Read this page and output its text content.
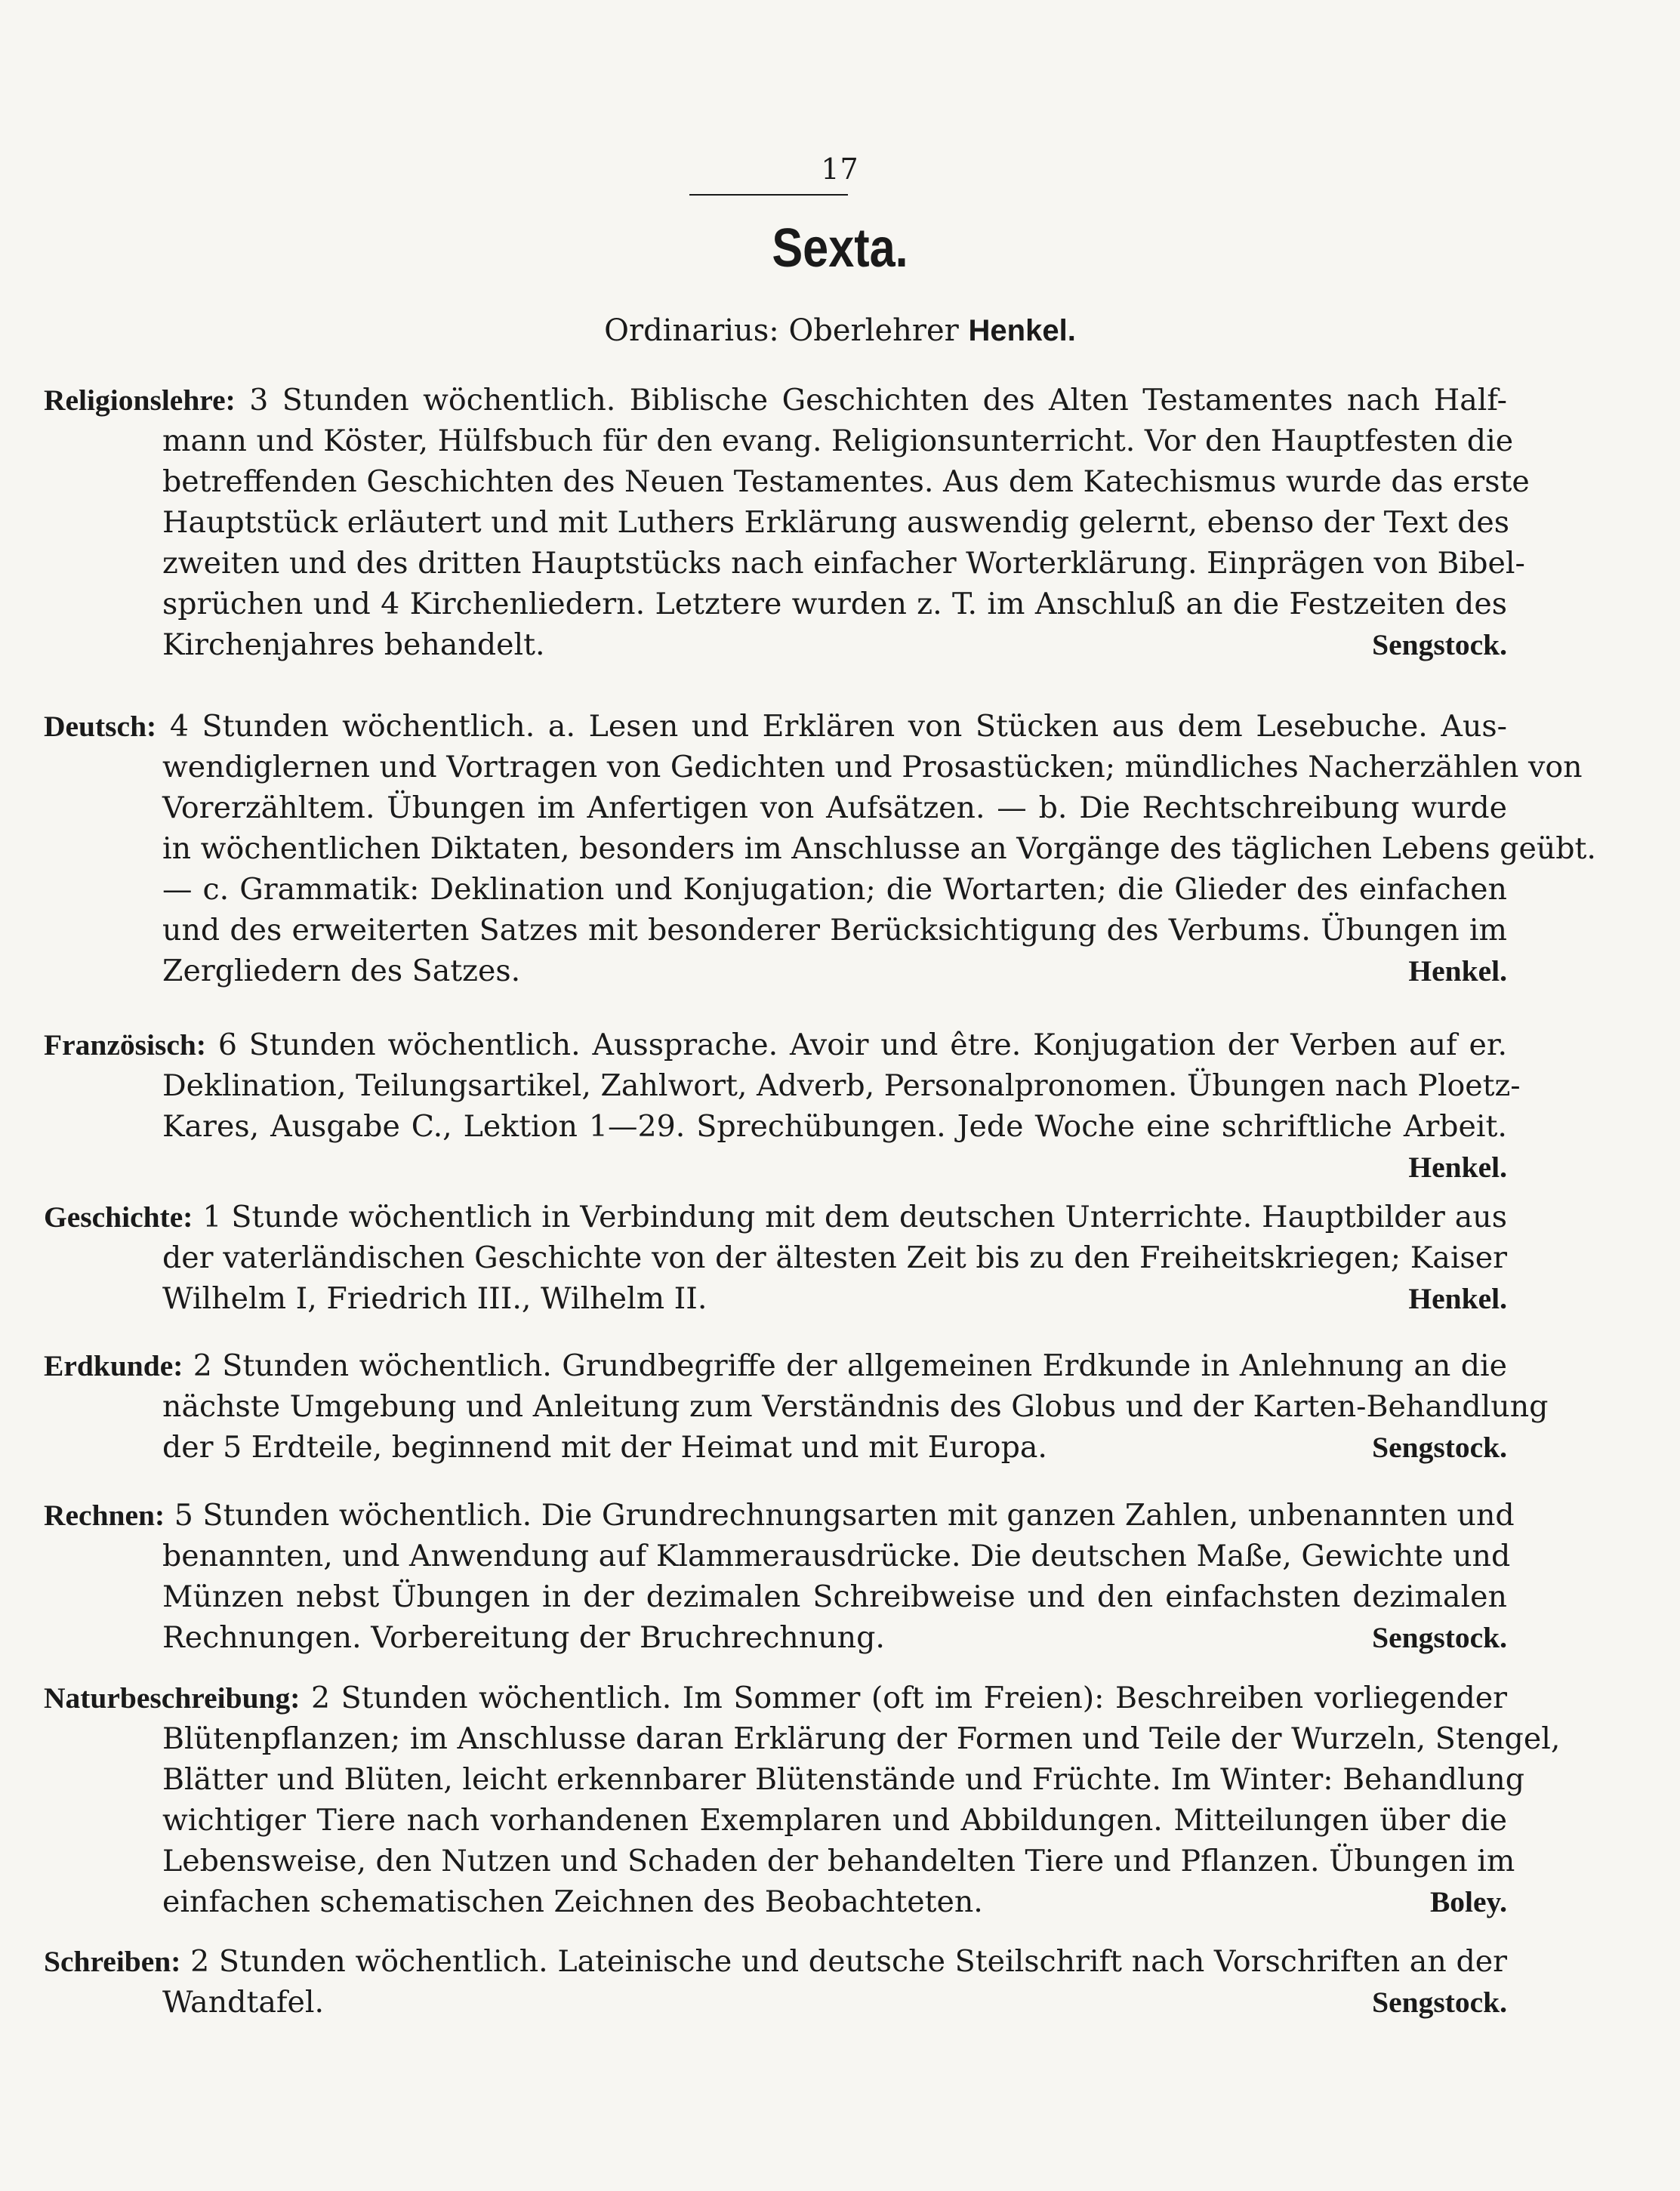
17
Sexta.
Ordinarius: Oberlehrer Henkel.
Religionslehre: 3 Stunden wöchentlich. Biblische Geschichten des Alten Testamentes nach Half-
mann und Köster, Hülfsbuch für den evang. Religionsunterricht. Vor den Hauptfesten die
betreffenden Geschichten des Neuen Testamentes. Aus dem Katechismus wurde das erste
Hauptstück erläutert und mit Luthers Erklärung auswendig gelernt, ebenso der Text des
zweiten und des dritten Hauptstücks nach einfacher Worterklärung. Einprägen von Bibel-
sprüchen und 4 Kirchenliedern. Letztere wurden z. T. im Anschluß an die Festzeiten des
Kirchenjahres behandelt.	Sengstock.
Deutsch: 4 Stunden wöchentlich. a. Lesen und Erklären von Stücken aus dem Lesebuche. Aus-
wendiglernen und Vortragen von Gedichten und Prosastücken; mündliches Nacherzählen von
Vorerzähltem. Übungen im Anfertigen von Aufsätzen. — b. Die Rechtschreibung wurde
in wöchentlichen Diktaten, besonders im Anschlusse an Vorgänge des täglichen Lebens geübt.
— c. Grammatik: Deklination und Konjugation; die Wortarten; die Glieder des einfachen
und des erweiterten Satzes mit besonderer Berücksichtigung des Verbums. Übungen im
Zergliedern des Satzes.	Henkel.
Französisch: 6 Stunden wöchentlich. Aussprache. Avoir und être. Konjugation der Verben auf er.
Deklination, Teilungsartikel, Zahlwort, Adverb, Personalpronomen. Übungen nach Ploetz-
Kares, Ausgabe C., Lektion 1—29. Sprechübungen. Jede Woche eine schriftliche Arbeit.
Henkel.
Geschichte: 1 Stunde wöchentlich in Verbindung mit dem deutschen Unterrichte. Hauptbilder aus
der vaterländischen Geschichte von der ältesten Zeit bis zu den Freiheitskriegen; Kaiser
Wilhelm I, Friedrich III., Wilhelm II.	Henkel.
Erdkunde: 2 Stunden wöchentlich. Grundbegriffe der allgemeinen Erdkunde in Anlehnung an die
nächste Umgebung und Anleitung zum Verständnis des Globus und der Karten-Behandlung
der 5 Erdteile, beginnend mit der Heimat und mit Europa.	Sengstock.
Rechnen: 5 Stunden wöchentlich. Die Grundrechnungsarten mit ganzen Zahlen, unbenannten und
benannten, und Anwendung auf Klammerausdrücke. Die deutschen Maße, Gewichte und
Münzen nebst Übungen in der dezimalen Schreibweise und den einfachsten dezimalen
Rechnungen. Vorbereitung der Bruchrechnung.	Sengstock.
Naturbeschreibung: 2 Stunden wöchentlich. Im Sommer (oft im Freien): Beschreiben vorliegender
Blütenpflanzen; im Anschlusse daran Erklärung der Formen und Teile der Wurzeln, Stengel,
Blätter und Blüten, leicht erkennbarer Blütenstände und Früchte. Im Winter: Behandlung
wichtiger Tiere nach vorhandenen Exemplaren und Abbildungen. Mitteilungen über die
Lebensweise, den Nutzen und Schaden der behandelten Tiere und Pflanzen. Übungen im
einfachen schematischen Zeichnen des Beobachteten.	Boley.
Schreiben: 2 Stunden wöchentlich. Lateinische und deutsche Steilschrift nach Vorschriften an der
Wandtafel.	Sengstock.
